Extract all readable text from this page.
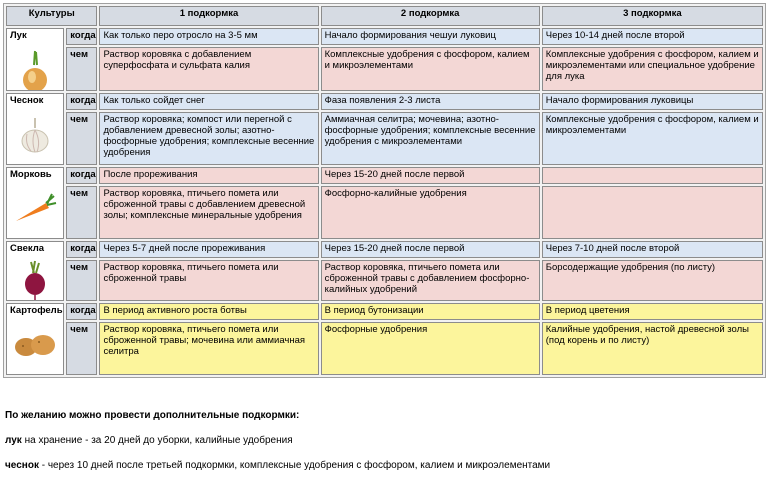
Культуры		1 подкормка	2 подкормка	3 подкормка

Лук	когда	Как только перо отросло на 3-5 мм	Начало формирования чешуи луковиц	Через 10-14 дней после второй
	чем	Раствор коровяка с добавлением суперфосфата и сульфата калия	Комплексные удобрения с фосфором, калием и микроэлементами	Комплексные удобрения с фосфором, калием и микроэлементами или специальное удобрение для лука

Чеснок	когда	Как только сойдет снег	Фаза появления 2-3 листа	Начало формирования луковицы
	чем	Раствор коровяка; компост или перегной с добавлением древесной золы; азотно-фосфорные удобрения; комплексные весенние удобрения	Аммиачная селитра; мочевина; азотно-фосфорные удобрения; комплексные весенние удобрения с микроэлементами	Комплексные удобрения с фосфором, калием и микроэлементами

Морковь	когда	После прореживания	Через 15-20 дней после первой	
	чем	Раствор коровяка, птичьего помета или сброженной травы с добавлением древесной золы; комплексные минеральные удобрения	Фосфорно-калийные удобрения	

Свекла	когда	Через 5-7 дней после прореживания	Через 15-20 дней после первой	Через 7-10 дней после второй
	чем	Раствор коровяка, птичьего помета или сброженной травы	Раствор коровяка, птичьего помета или сброженной травы с добавлением фосфорно-калийных удобрений	Борсодержащие удобрения (по листу)

Картофель	когда	В период активного роста ботвы	В период бутонизации	В период цветения
	чем	Раствор коровяка, птичьего помета или сброженной травы; мочевина или аммиачная селитра	Фосфорные удобрения	Калийные удобрения, настой древесной золы (под корень и по листу)
По желанию можно провести дополнительные подкормки:
лук на хранение - за 20 дней до уборки, калийные удобрения
чеснок - через 10 дней после третьей подкормки, комплексные удобрения с фосфором, калием и микроэлементами
